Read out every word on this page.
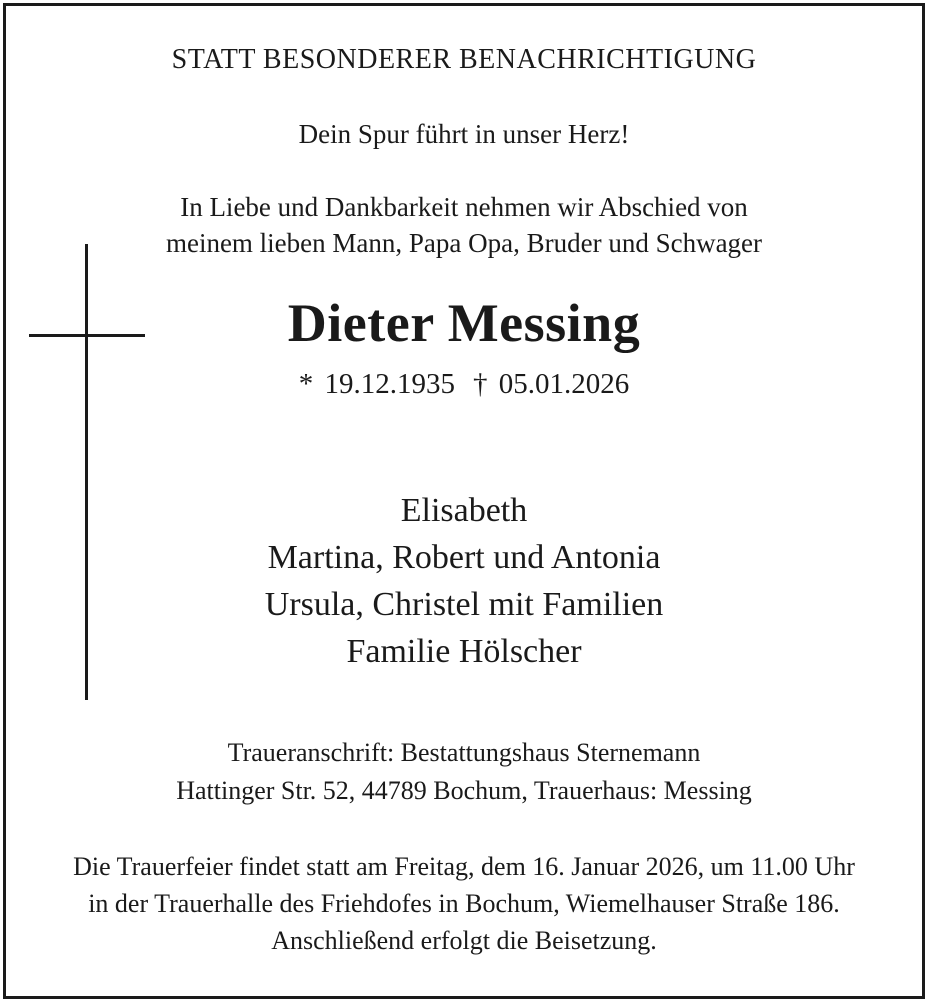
STATT BESONDERER BENACHRICHTIGUNG
Dein Spur führt in unser Herz!
In Liebe und Dankbarkeit nehmen wir Abschied von
meinem lieben Mann, Papa Opa, Bruder und Schwager
Dieter Messing
* 19.12.1935 † 05.01.2026
Elisabeth
Martina, Robert und Antonia
Ursula, Christel mit Familien
Familie Hölscher
Traueranschrift: Bestattungshaus Sternemann
Hattinger Str. 52, 44789 Bochum, Trauerhaus: Messing
Die Trauerfeier findet statt am Freitag, dem 16. Januar 2026, um 11.00 Uhr
in der Trauerhalle des Friehdofes in Bochum, Wiemelhauser Straße 186.
Anschließend erfolgt die Beisetzung.
